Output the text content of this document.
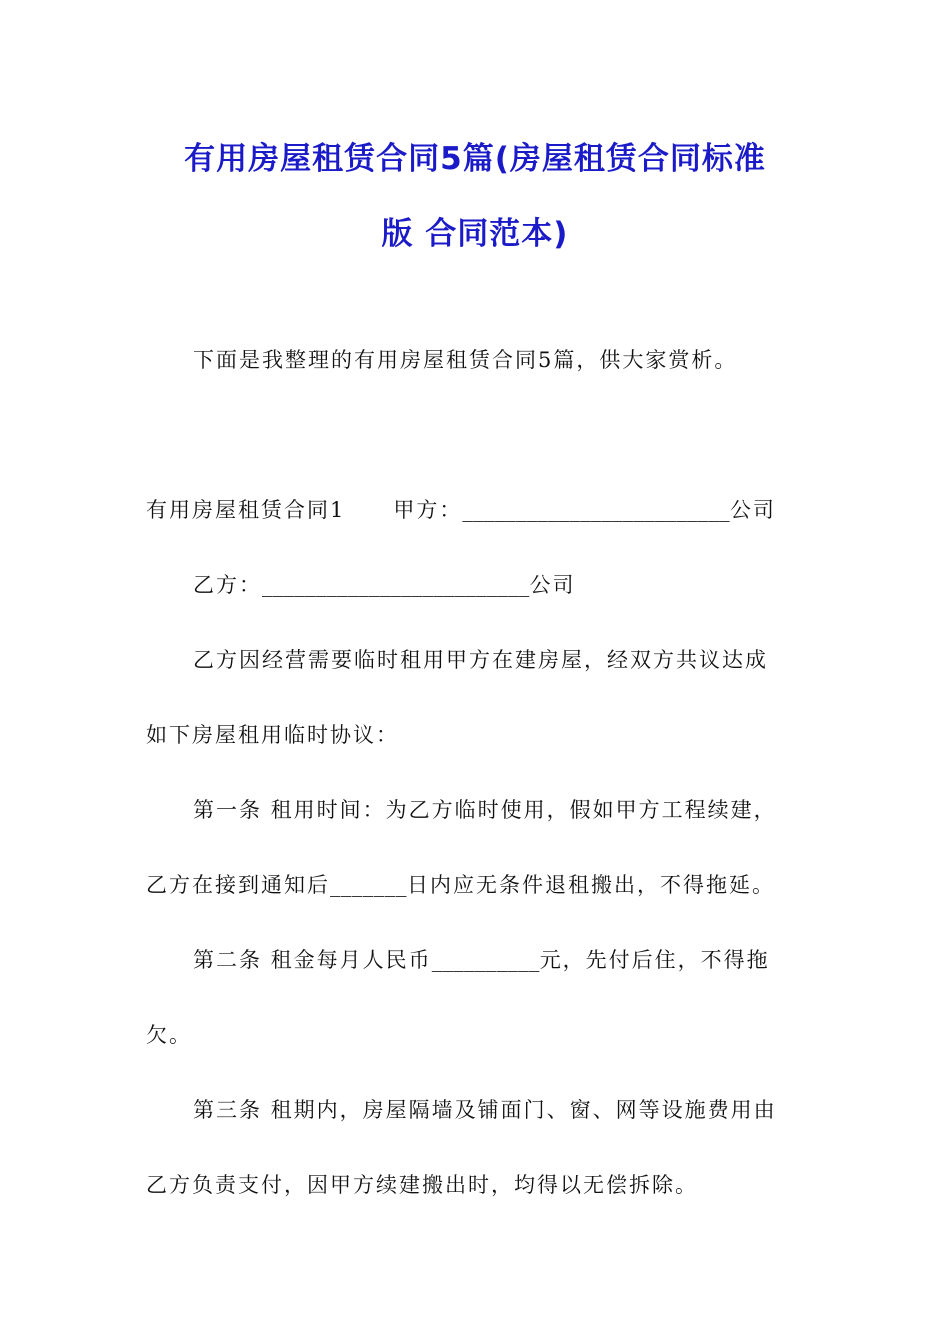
有用房屋租赁合同5篇(房屋租赁合同标准
版 合同范本)
下面是我整理的有用房屋租赁合同5篇，供大家赏析。
有用房屋租赁合同1 甲方：_________________________公司
乙方：_________________________公司
乙方因经营需要临时租用甲方在建房屋，经双方共议达成
如下房屋租用临时协议：
第一条 租用时间：为乙方临时使用，假如甲方工程续建，
乙方在接到通知后_______日内应无条件退租搬出，不得拖延。
第二条 租金每月人民币__________元，先付后住，不得拖
欠。
第三条 租期内，房屋隔墙及铺面门、窗、网等设施费用由
乙方负责支付，因甲方续建搬出时，均得以无偿拆除。
